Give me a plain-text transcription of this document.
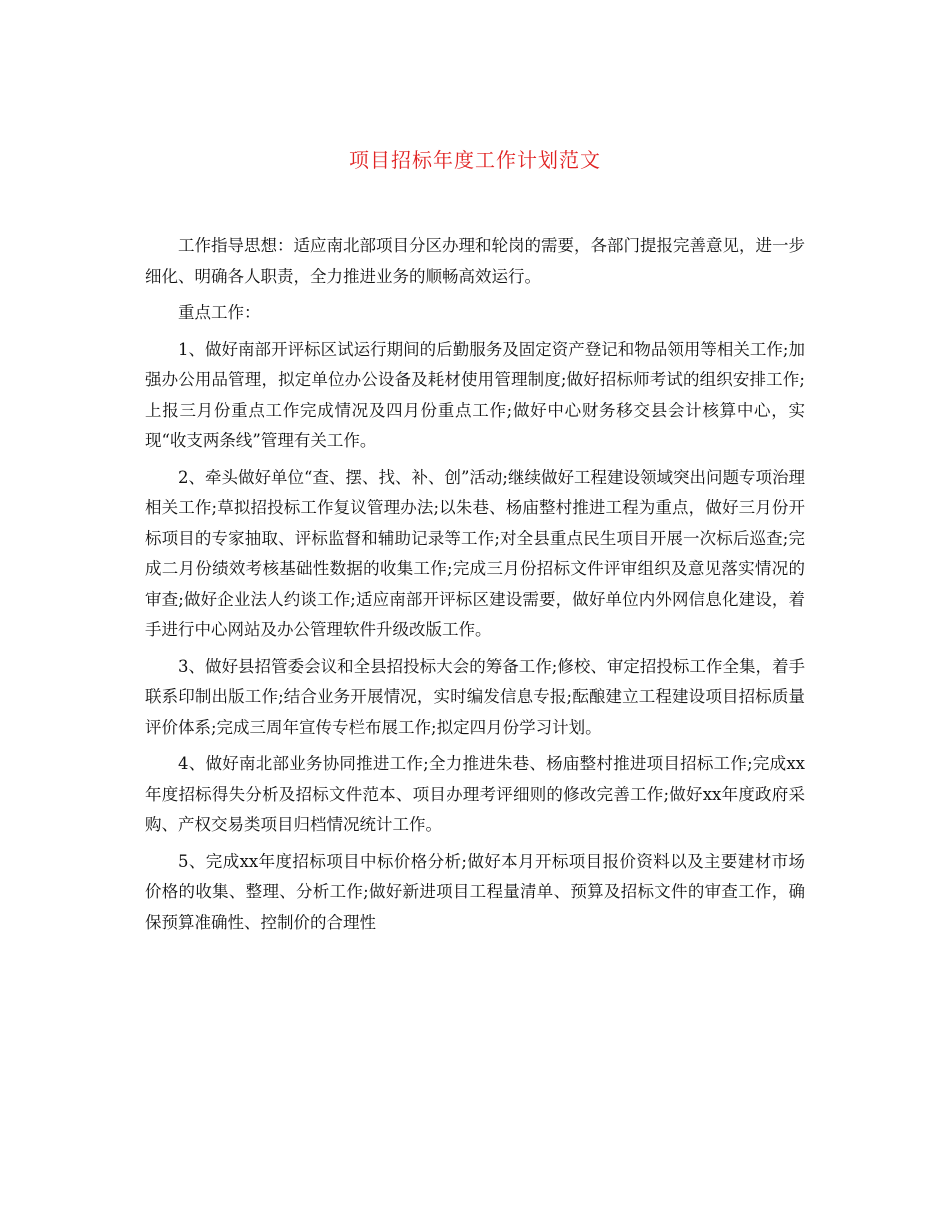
项目招标年度工作计划范文

工作指导思想：适应南北部项目分区办理和轮岗的需要，各部门提报完善意见，进一步细化、明确各人职责，全力推进业务的顺畅高效运行。

重点工作：

1、做好南部开评标区试运行期间的后勤服务及固定资产登记和物品领用等相关工作;加强办公用品管理，拟定单位办公设备及耗材使用管理制度;做好招标师考试的组织安排工作;上报三月份重点工作完成情况及四月份重点工作;做好中心财务移交县会计核算中心，实现“收支两条线”管理有关工作。

2、牵头做好单位“查、摆、找、补、创”活动;继续做好工程建设领域突出问题专项治理相关工作;草拟招投标工作复议管理办法;以朱巷、杨庙整村推进工程为重点，做好三月份开标项目的专家抽取、评标监督和辅助记录等工作;对全县重点民生项目开展一次标后巡查;完成二月份绩效考核基础性数据的收集工作;完成三月份招标文件评审组织及意见落实情况的审查;做好企业法人约谈工作;适应南部开评标区建设需要，做好单位内外网信息化建设，着手进行中心网站及办公管理软件升级改版工作。

3、做好县招管委会议和全县招投标大会的筹备工作;修校、审定招投标工作全集，着手联系印制出版工作;结合业务开展情况，实时编发信息专报;酝酿建立工程建设项目招标质量评价体系;完成三周年宣传专栏布展工作;拟定四月份学习计划。

4、做好南北部业务协同推进工作;全力推进朱巷、杨庙整村推进项目招标工作;完成xx年度招标得失分析及招标文件范本、项目办理考评细则的修改完善工作;做好xx年度政府采购、产权交易类项目归档情况统计工作。

5、完成xx年度招标项目中标价格分析;做好本月开标项目报价资料以及主要建材市场价格的收集、整理、分析工作;做好新进项目工程量清单、预算及招标文件的审查工作，确保预算准确性、控制价的合理性
